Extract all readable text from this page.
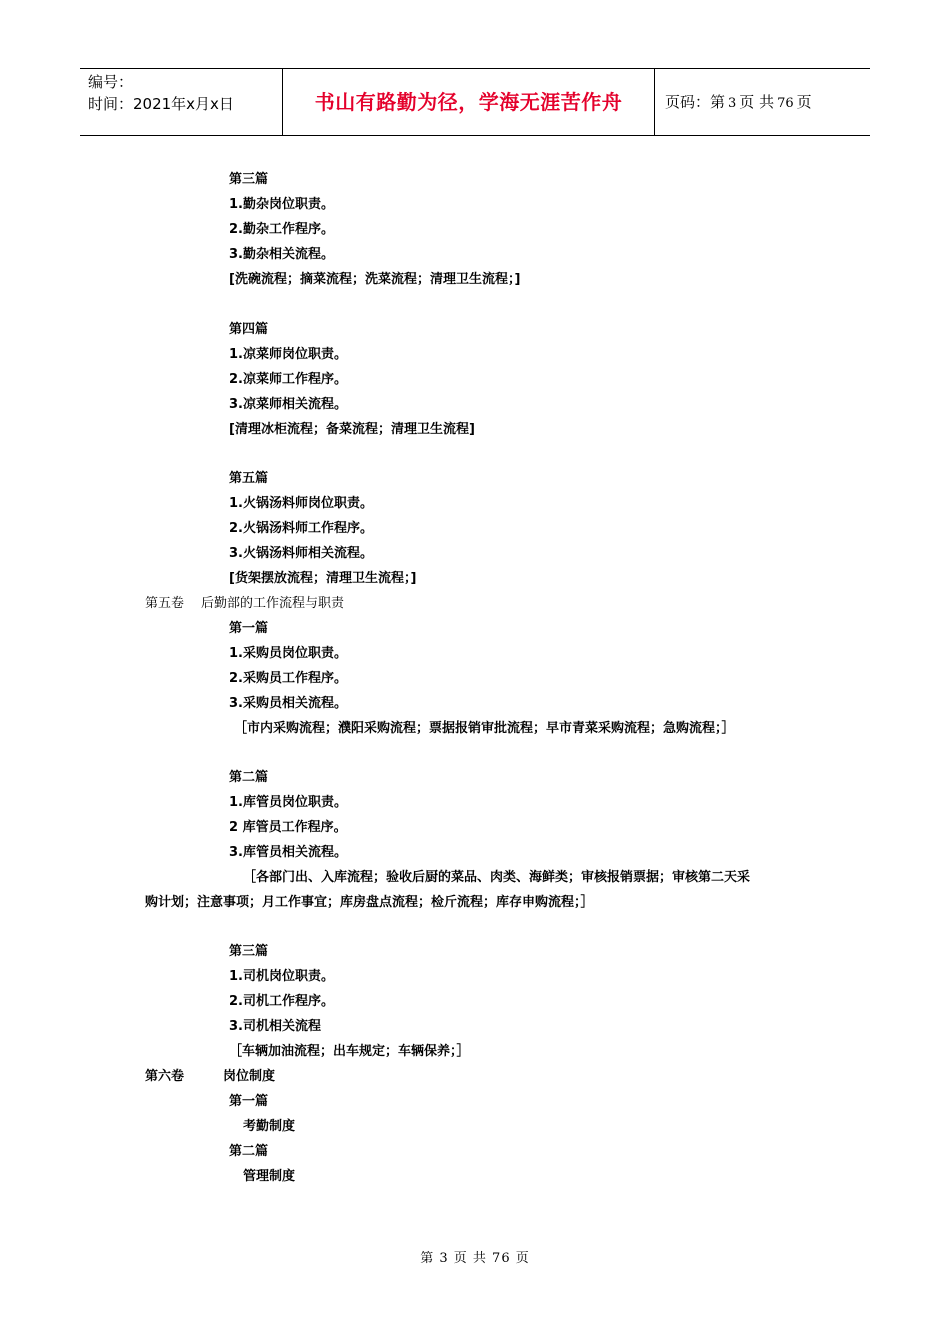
编号：
时间：2021年x月x日	书山有路勤为径，学海无涯苦作舟	页码：第 3 页 共 76 页
第三篇
1.勤杂岗位职责。
2.勤杂工作程序。
3.勤杂相关流程。
[洗碗流程；摘菜流程；洗菜流程；清理卫生流程；]
第四篇
1.凉菜师岗位职责。
2.凉菜师工作程序。
3.凉菜师相关流程。
[清理冰柜流程；备菜流程；清理卫生流程]
第五篇
1.火锅汤料师岗位职责。
2.火锅汤料师工作程序。
3.火锅汤料师相关流程。
[货架摆放流程；清理卫生流程；]
第五卷 后勤部的工作流程与职责
第一篇
1.采购员岗位职责。
2.采购员工作程序。
3.采购员相关流程。
［市内采购流程；濮阳采购流程；票据报销审批流程；早市青菜采购流程；急购流程；］
第二篇
1.库管员岗位职责。
2 库管员工作程序。
3.库管员相关流程。
［各部门出、入库流程；验收后厨的菜品、肉类、海鲜类；审核报销票据；审核第二天采
购计划；注意事项；月工作事宜；库房盘点流程；检斤流程；库存申购流程；］
第三篇
1.司机岗位职责。
2.司机工作程序。
3.司机相关流程
［车辆加油流程；出车规定；车辆保养；］
第六卷	岗位制度
第一篇
考勤制度
第二篇
管理制度
第 3 页 共 76 页
